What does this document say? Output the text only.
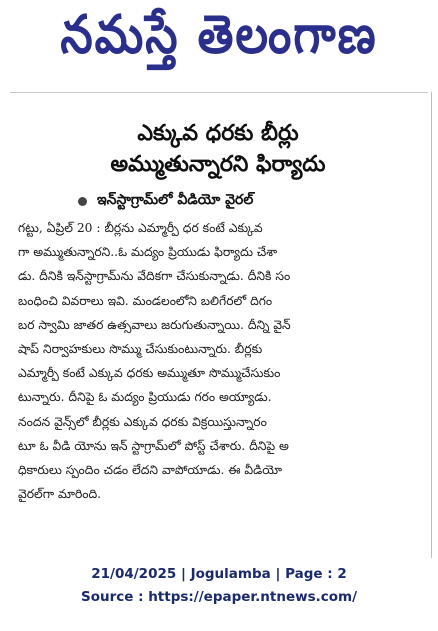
నమస్తే తెలంగాణ
ఎక్కువ ధరకు బీర్లు
అమ్ముతున్నారని ఫిర్యాదు
ఇన్‌స్టాగ్రామ్‌లో వీడియో వైరల్
గట్టు, ఏప్రిల్ 20 : బీర్లను ఎమ్మార్పీ ధర కంటే ఎక్కువ
గా అమ్ముతున్నారని..ఓ మద్యం ప్రియుడు ఫిర్యాదు చేశా
డు. దీనికి ఇన్‌స్టాగ్రామ్‌ను వేదికగా చేసుకున్నాడు. దీనికి సం
బంధించి వివరాలు ఇవి. మండలంలోని బలిగేరలో దిగం
బర స్వామి జాతర ఉత్సవాలు జరుగుతున్నాయి. దీన్ని వైన్
షాప్ నిర్వాహకులు సొమ్ము చేసుకుంటున్నారు. బీర్లకు
ఎమ్మార్పీ కంటే ఎక్కువ ధరకు అమ్ముతూ సొమ్ముచేసుకుం
టున్నారు. దీనిపై ఓ మద్యం ప్రియుడు గరం అయ్యాడు.
నందన వైన్స్‌లో బీర్లకు ఎక్కువ ధరకు విక్రయిస్తున్నారం
టూ ఓ వీడి యోను ఇన్ స్టాగ్రామ్‌లో పోస్ట్ చేశారు. దీనిపై అ
ధికారులు స్పందిం చడం లేదని వాపోయాడు. ఈ వీడియో
వైరల్‌గా మారింది.
21/04/2025 | Jogulamba | Page : 2
Source : https://epaper.ntnews.com/
